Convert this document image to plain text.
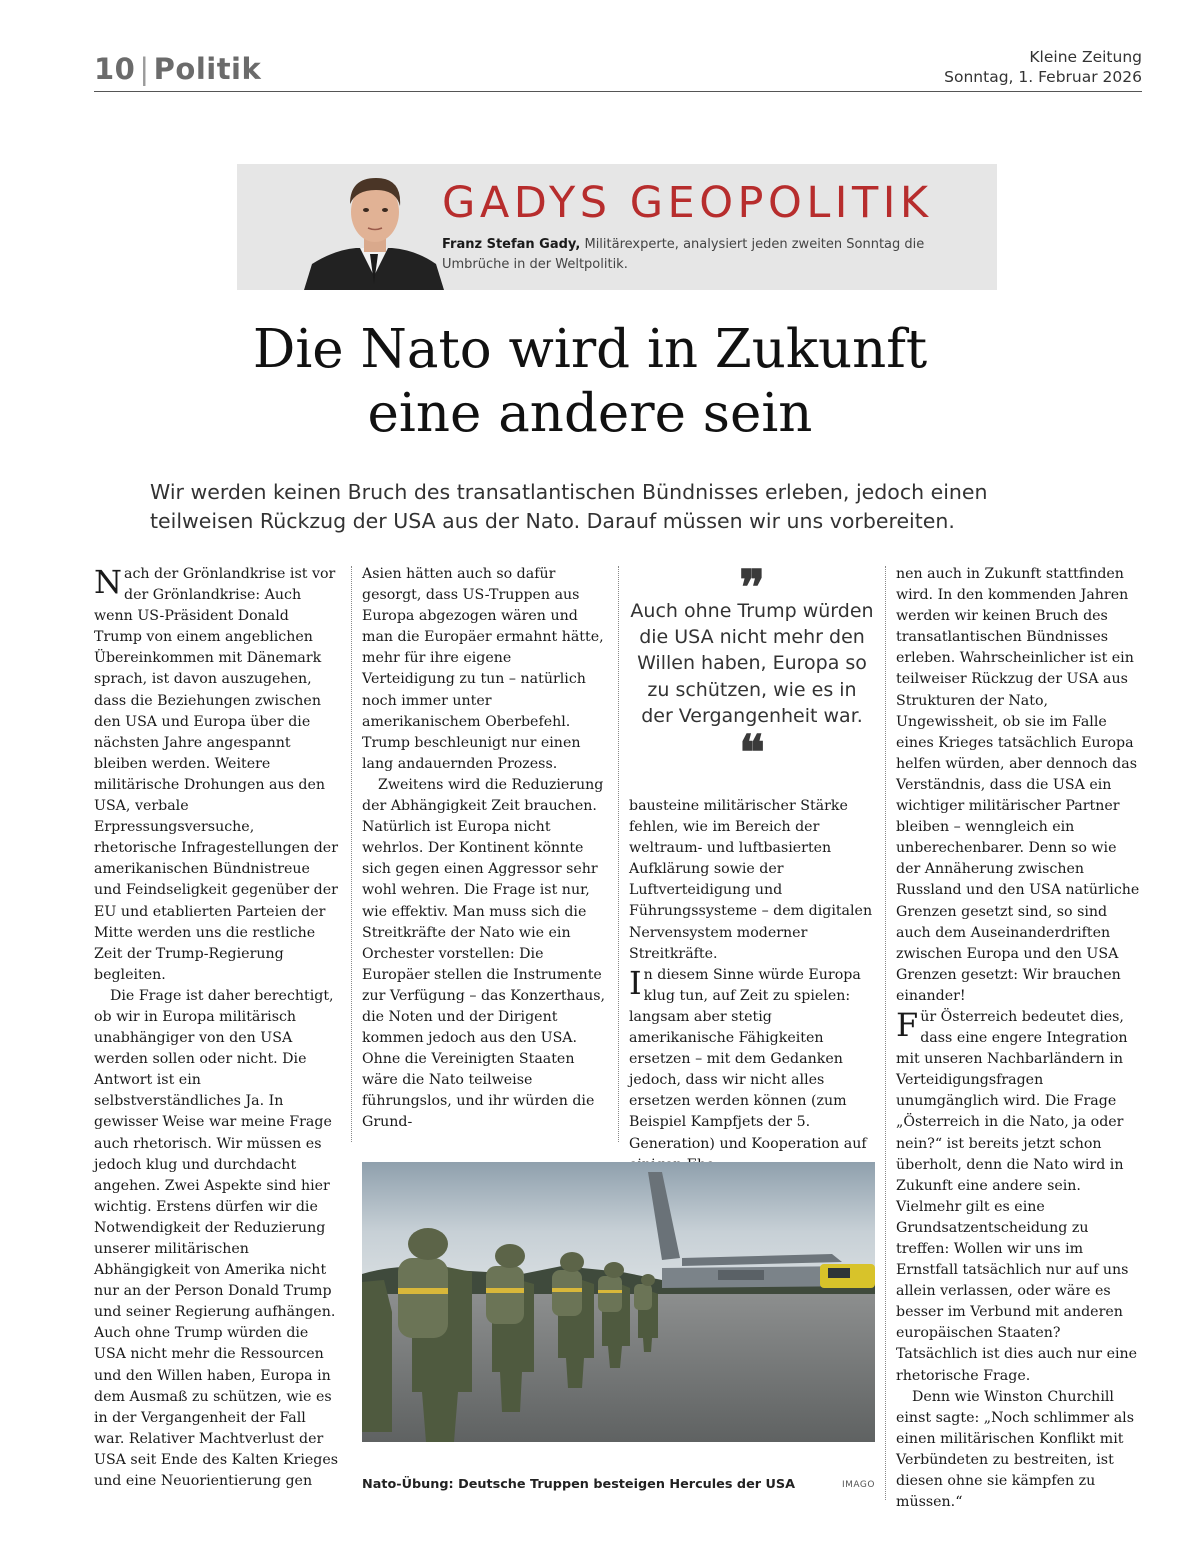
10 | Politik	Kleine Zeitung
Sonntag, 1. Februar 2026
GADYS GEOPOLITIK
Franz Stefan Gady, Militärexperte, analysiert jeden zweiten Sonntag die Umbrüche in der Weltpolitik.
Die Nato wird in Zukunft
eine andere sein
Wir werden keinen Bruch des transatlantischen Bündnisses erleben, jedoch einen teilweisen Rückzug der USA aus der Nato. Darauf müssen wir uns vorbereiten.

Nach der Grönlandkrise ist vor der Grönlandkrise: Auch wenn US-Präsident Donald Trump von einem angeblichen Übereinkommen mit Dänemark sprach, ist davon auszugehen, dass die Beziehungen zwischen den USA und Europa über die nächsten Jahre angespannt bleiben werden. Weitere militärische Drohungen aus den USA, verbale Erpressungsversuche, rhetorische Infragestellungen der amerikanischen Bündnistreue und Feindseligkeit gegenüber der EU und etablierten Parteien der Mitte werden uns die restliche Zeit der Trump-Regierung begleiten.

Die Frage ist daher berechtigt, ob wir in Europa militärisch unabhängiger von den USA werden sollen oder nicht. Die Antwort ist ein selbstverständliches Ja. In gewisser Weise war meine Frage auch rhetorisch. Wir müssen es jedoch klug und durchdacht angehen. Zwei Aspekte sind hier wichtig. Erstens dürfen wir die Notwendigkeit der Reduzierung unserer militärischen Abhängigkeit von Amerika nicht nur an der Person Donald Trump und seiner Regierung aufhängen. Auch ohne Trump würden die USA nicht mehr die Ressourcen und den Willen haben, Europa in dem Ausmaß zu schützen, wie es in der Vergangenheit der Fall war. Relativer Machtverlust der USA seit Ende des Kalten Krieges und eine Neuorientierung gen

Asien hätten auch so dafür gesorgt, dass US-Truppen aus Europa abgezogen wären und man die Europäer ermahnt hätte, mehr für ihre eigene Verteidigung zu tun – natürlich noch immer unter amerikanischem Oberbefehl. Trump beschleunigt nur einen lang andauernden Prozess.

Zweitens wird die Reduzierung der Abhängigkeit Zeit brauchen. Natürlich ist Europa nicht wehrlos. Der Kontinent könnte sich gegen einen Aggressor sehr wohl wehren. Die Frage ist nur, wie effektiv. Man muss sich die Streitkräfte der Nato wie ein Orchester vorstellen: Die Europäer stellen die Instrumente zur Verfügung – das Konzerthaus, die Noten und der Dirigent kommen jedoch aus den USA. Ohne die Vereinigten Staaten wäre die Nato teilweise führungslos, und ihr würden die Grund-

❞
Auch ohne Trump würden die USA nicht mehr den Willen haben, Europa so zu schützen, wie es in der Vergangenheit war.
❝

bausteine militärischer Stärke fehlen, wie im Bereich der weltraum- und luftbasierten Aufklärung sowie der Luftverteidigung und Führungssysteme – dem digitalen Nervensystem moderner Streitkräfte.

In diesem Sinne würde Europa klug tun, auf Zeit zu spielen: langsam aber stetig amerikanische Fähigkeiten ersetzen – mit dem Gedanken jedoch, dass wir nicht alles ersetzen werden können (zum Beispiel Kampfjets der 5. Generation) und Kooperation auf

nen auch in Zukunft stattfinden wird. In den kommenden Jahren werden wir keinen Bruch des transatlantischen Bündnisses erleben. Wahrscheinlicher ist ein teilweiser Rückzug der USA aus Strukturen der Nato, Ungewissheit, ob sie im Falle eines Krieges tatsächlich Europa helfen würden, aber dennoch das Verständnis, dass die USA ein wichtiger militärischer Partner bleiben – wenngleich ein unberechenbarer. Denn so wie der Annäherung zwischen Russland und den USA natürliche Grenzen gesetzt sind, so sind auch dem Auseinanderdriften zwischen Europa und den USA Grenzen gesetzt: Wir brauchen einander!

Für Österreich bedeutet dies, dass eine engere Integration mit unseren Nachbarländern in Verteidigungsfragen unumgänglich wird. Die Frage „Österreich in die Nato, ja oder nein?“ ist bereits jetzt schon überholt, denn die Nato wird in Zukunft eine andere sein. Vielmehr gilt es eine Grundsatzentscheidung zu treffen: Wollen wir uns im Ernstfall tatsächlich nur auf uns allein verlassen, oder wäre es besser im Verbund mit anderen europäischen Staaten? Tatsächlich ist dies auch nur eine rhetorische Frage.

Denn wie Winston Churchill einst sagte: „Noch schlimmer als einen militärischen Konflikt mit Verbündeten zu bestreiten, ist diesen ohne sie kämpfen zu müssen.“

Nato-Übung: Deutsche Truppen besteigen Hercules der USA	IMAGO
